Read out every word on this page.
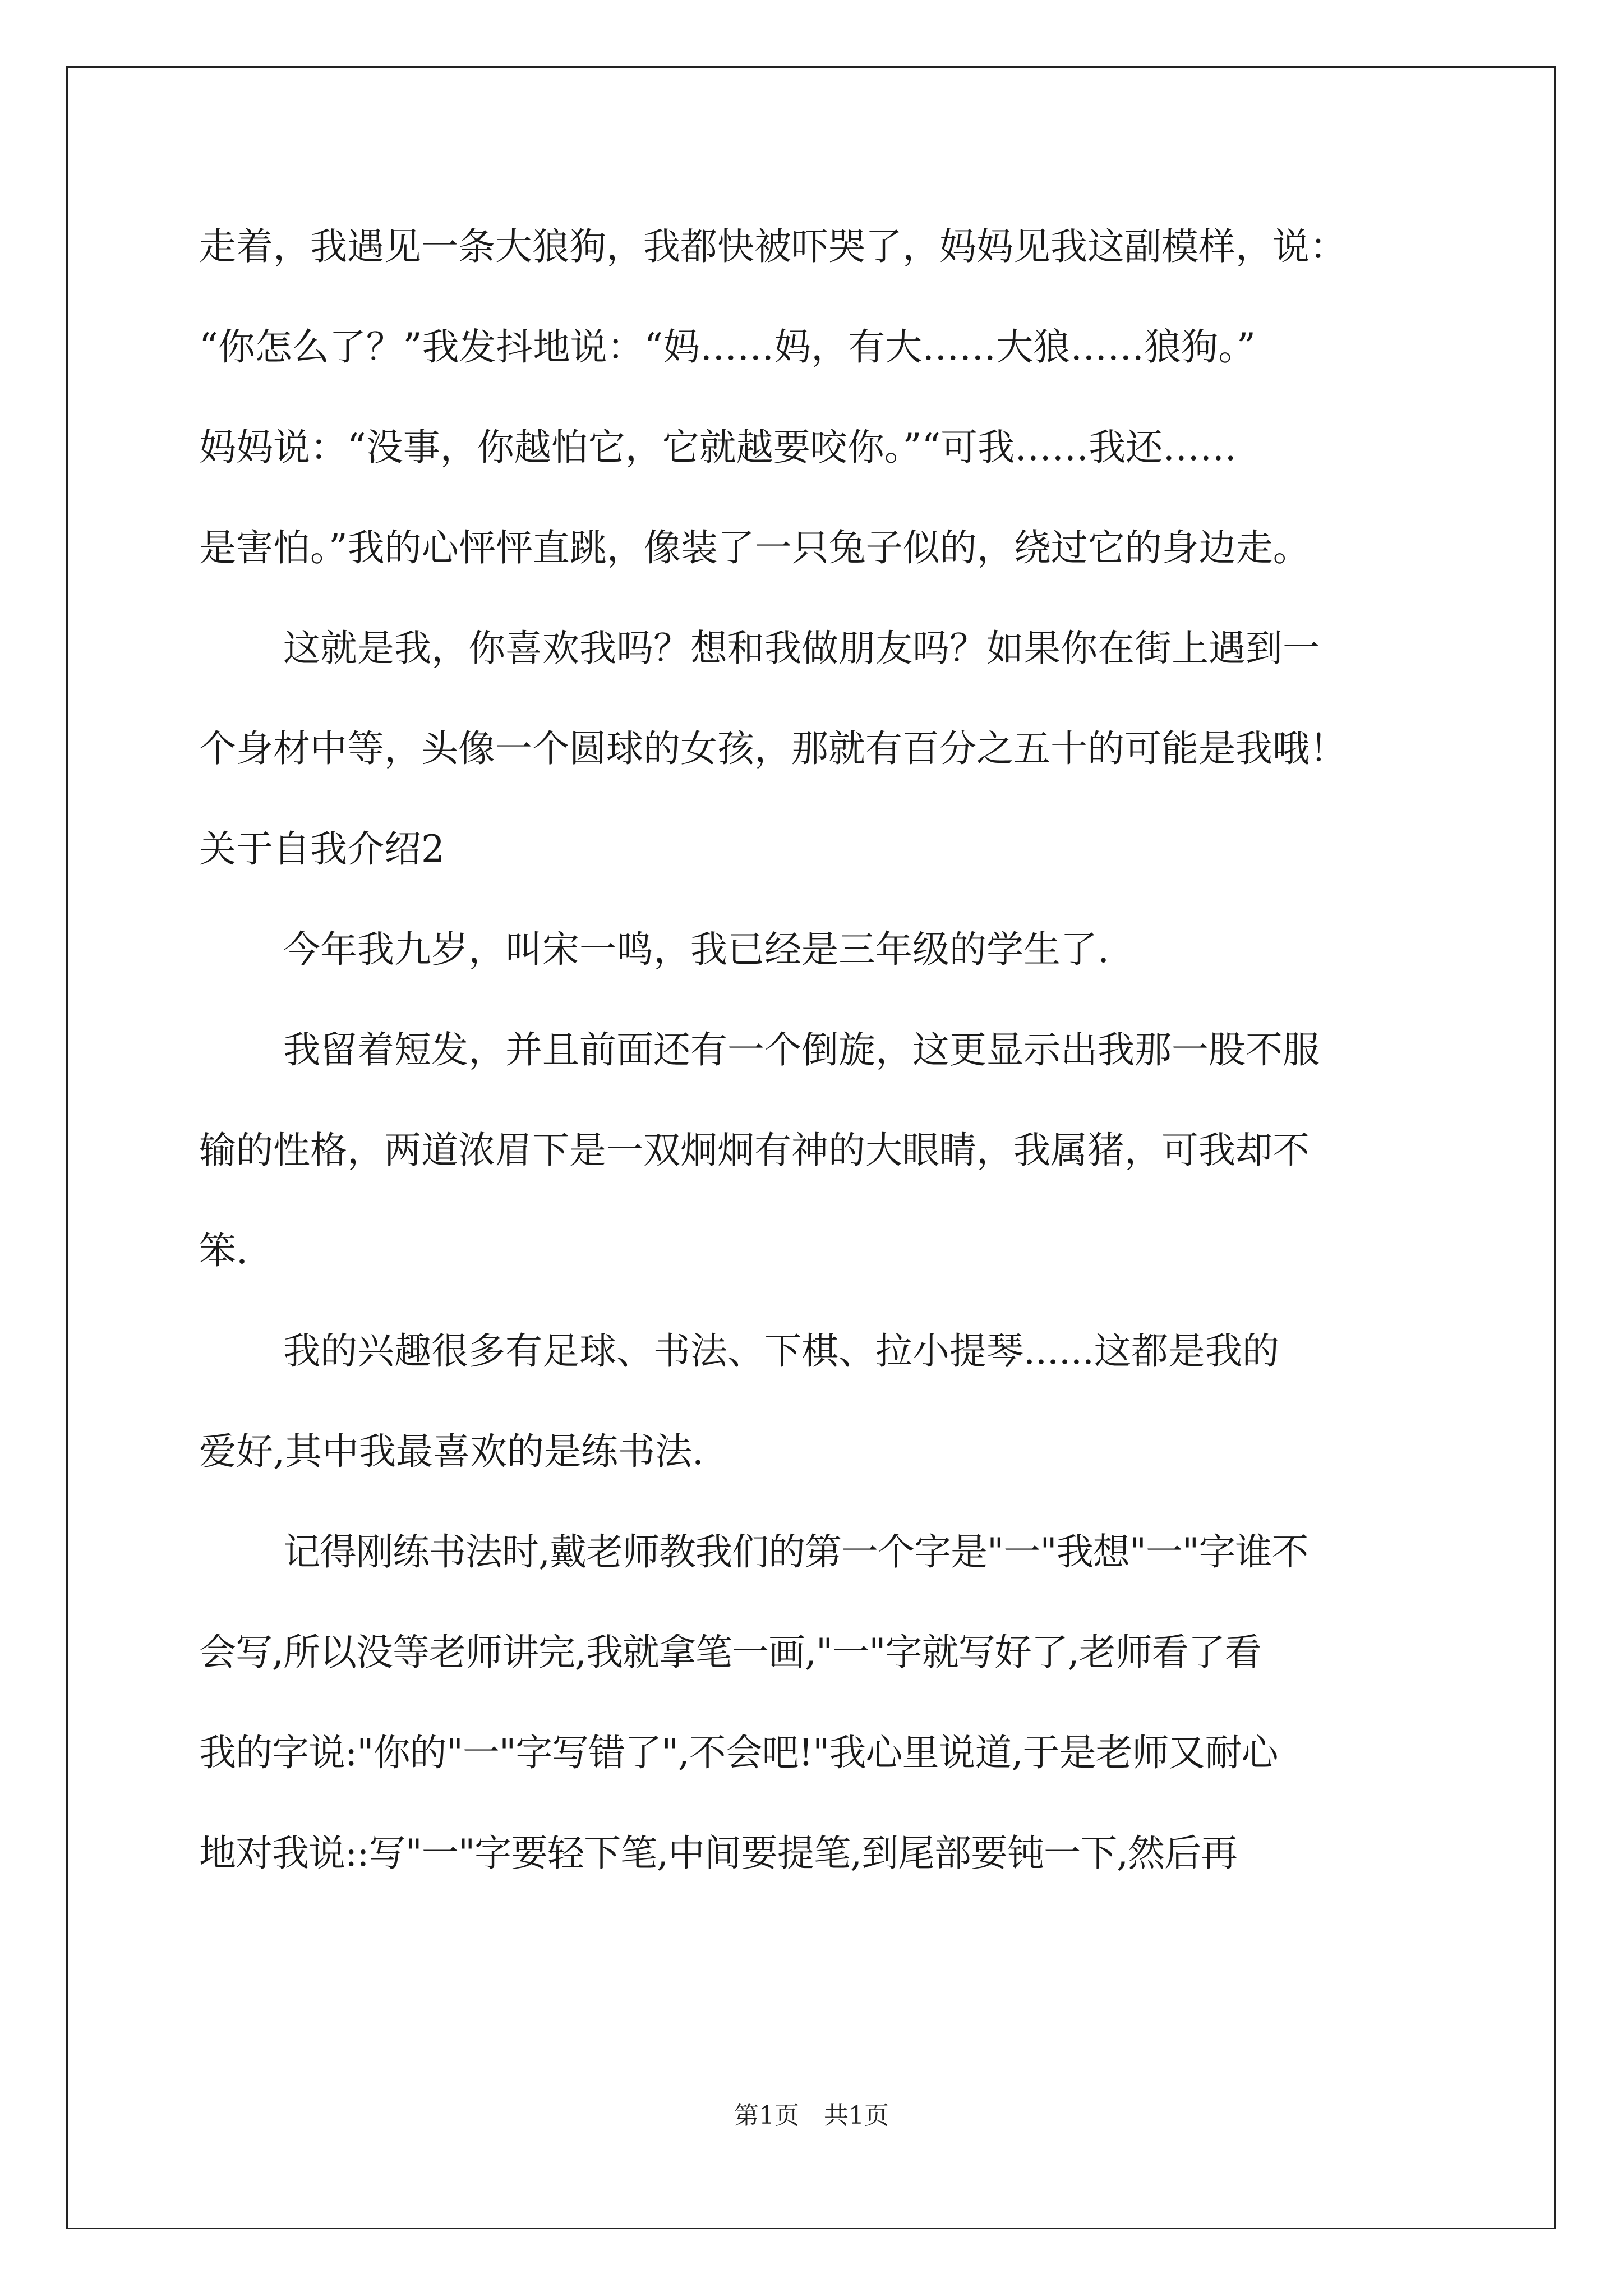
走着，我遇见一条大狼狗，我都快被吓哭了，妈妈见我这副模样，说：
“你怎么了？”我发抖地说：“妈……妈，有大……大狼……狼狗。”
妈妈说：“没事，你越怕它，它就越要咬你。”“可我……我还……
是害怕。”我的心怦怦直跳，像装了一只兔子似的，绕过它的身边走。
这就是我，你喜欢我吗？想和我做朋友吗？如果你在街上遇到一
个身材中等，头像一个圆球的女孩，那就有百分之五十的可能是我哦！
关于自我介绍2
今年我九岁，叫宋一鸣，我已经是三年级的学生了.
我留着短发，并且前面还有一个倒旋，这更显示出我那一股不服
输的性格，两道浓眉下是一双炯炯有神的大眼睛，我属猪，可我却不
笨.
我的兴趣很多有足球、书法、下棋、拉小提琴......这都是我的
爱好,其中我最喜欢的是练书法.
记得刚练书法时,戴老师教我们的第一个字是"一"我想"一"字谁不
会写,所以没等老师讲完,我就拿笔一画,"一"字就写好了,老师看了看
我的字说:"你的"一"字写错了",不会吧!"我心里说道,于是老师又耐心
地对我说::写"一"字要轻下笔,中间要提笔,到尾部要钝一下,然后再
第1页　共1页
